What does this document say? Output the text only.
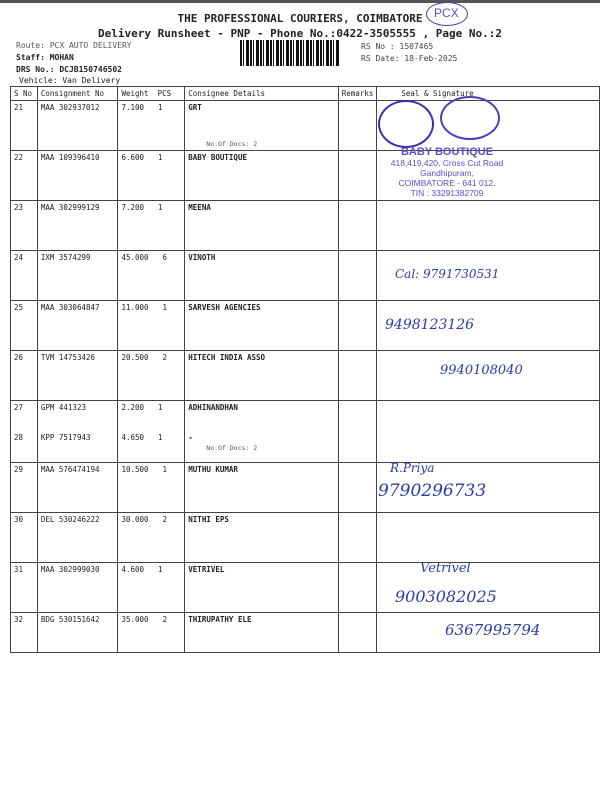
THE PROFESSIONAL COURIERS, COIMBATORE
Delivery Runsheet - PNP - Phone No.:0422-3505555 , Page No.:2
Route: PCX AUTO DELIVERY
Staff: MOHAN
DRS No.: DCJB150746502
Vehicle: Van Delivery
RS No : 1507465
RS Date: 18-Feb-2025
S No	Consignment No	Weight  PCS	Consignee Details	Remarks	Seal & Signature
21	MAA 302937012	7.100 1	GRT
No.Of Docs: 2		

22	MAA 109396410	6.600 1	BABY BOUTIQUE		
23	MAA 302999129	7.200 1	MEENA		
24	IXM 3574299	45.000 6	VINOTH		
25	MAA 303064847	11.000 1	SARVESH AGENCIES		
26	TVM 14753426	20.500 2	HITECH INDIA ASSO		
27	GPM 441323	2.200 1	ADHINANDHAN		
28	KPP 7517943	4.650 1	-
No.Of Docs: 2		

29	MAA 576474194	10.500 1	MUTHU KUMAR		
30	DEL 530246222	30.000 2	NITHI EPS		
31	MAA 302999030	4.600 1	VETRIVEL		
32	BDG 530151642	35.000 2	THIRUPATHY ELE		
PCX
BABY BOUTIQUE
418,419,420, Cross Cut Road
Gandhipuram,
COIMBATORE - 641 012.
TIN : 33291382709
Cal: 9791730531
9498123126
9940108040
R.Priya
9790296733
Vetrivel
9003082025
6367995794
